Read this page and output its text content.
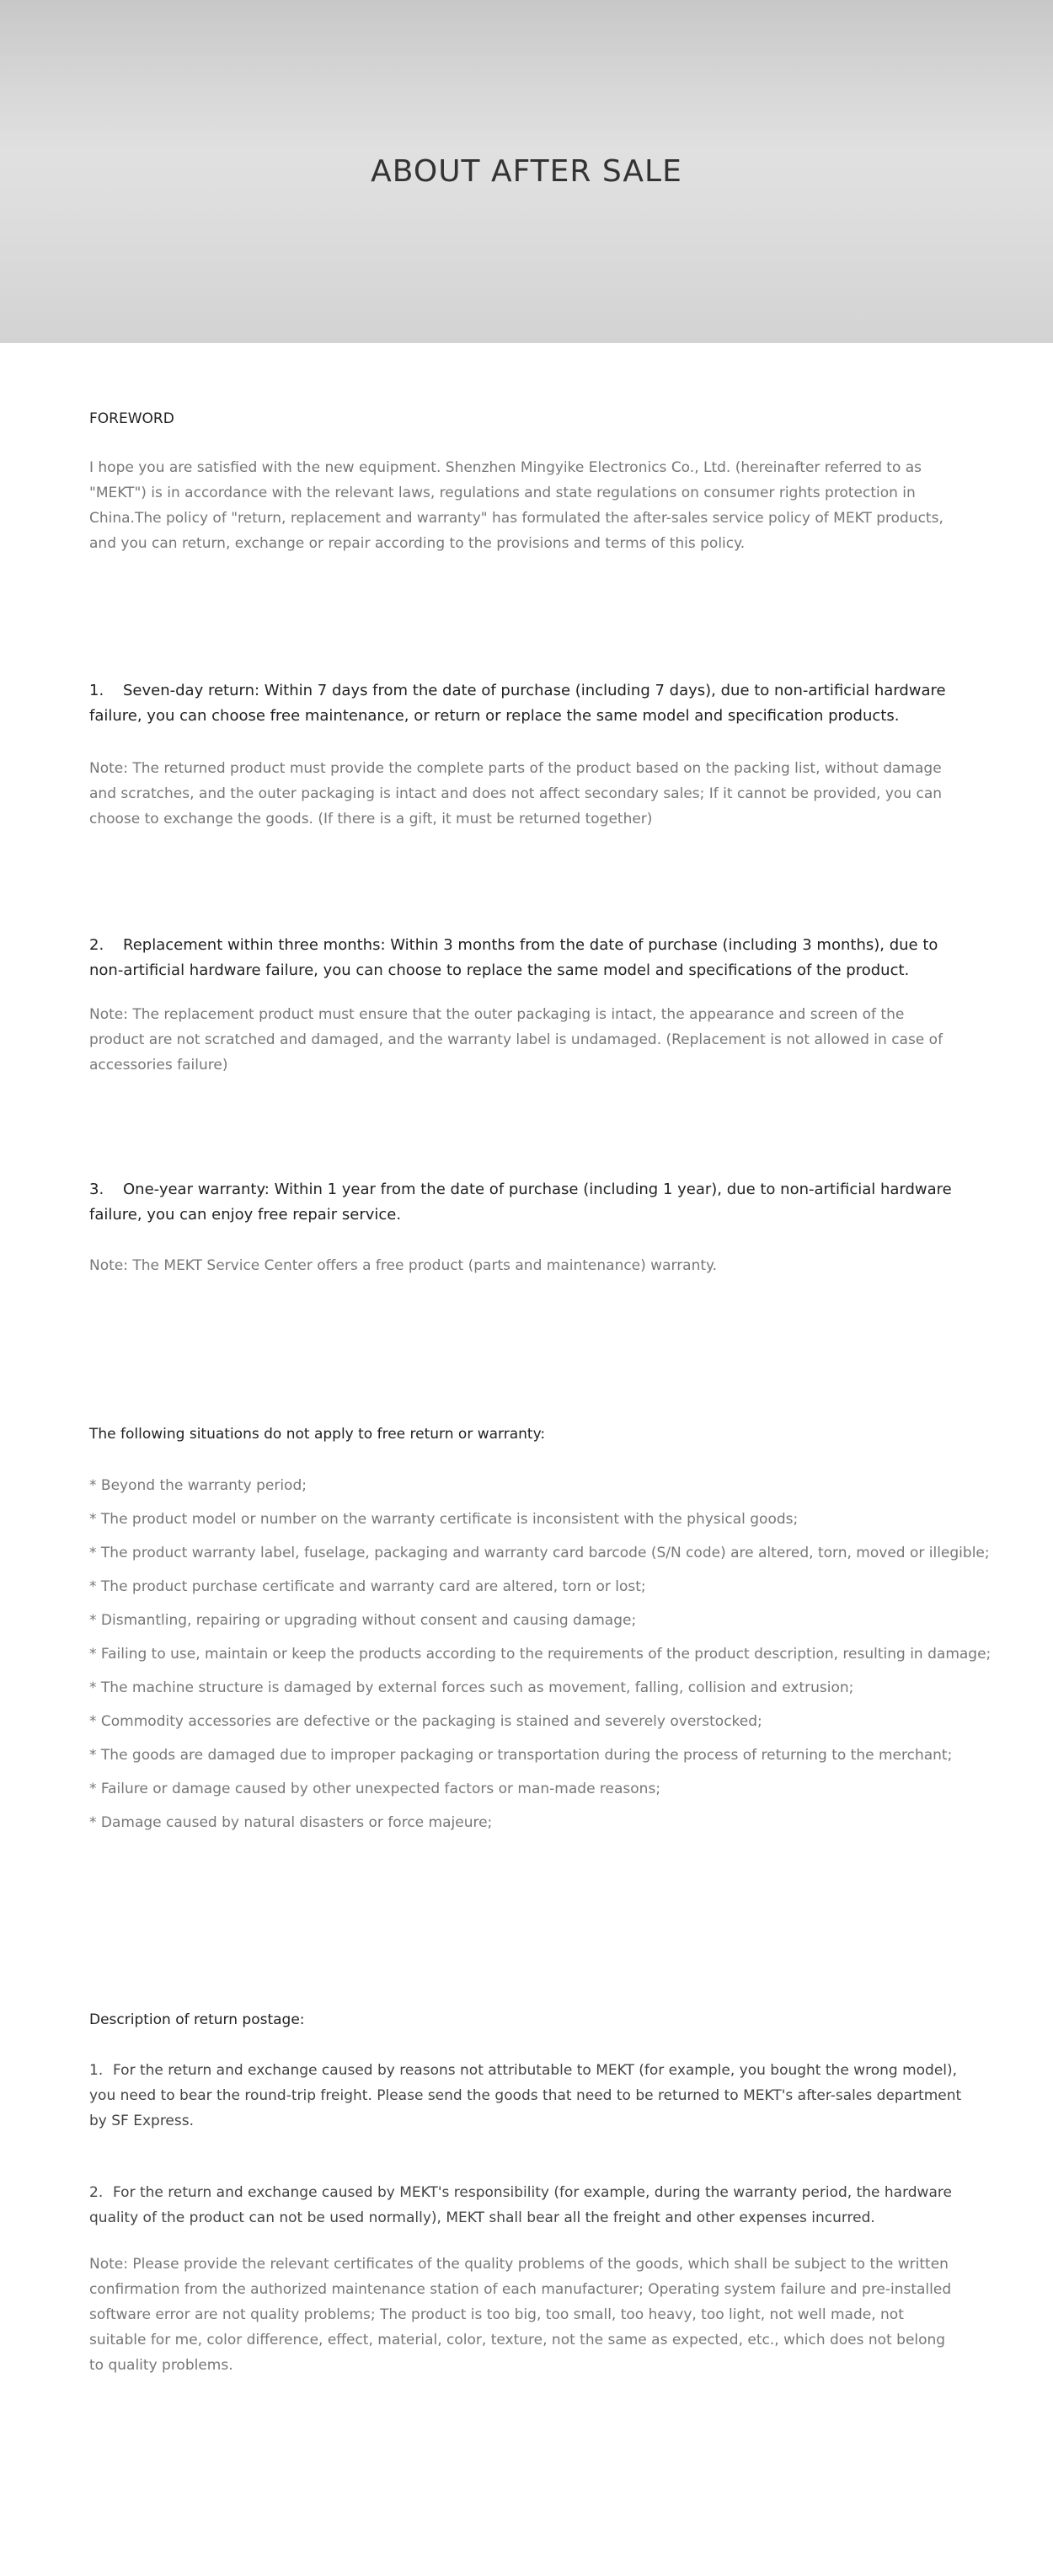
ABOUT AFTER SALE

FOREWORD

I hope you are satisfied with the new equipment. Shenzhen Mingyike Electronics Co., Ltd. (hereinafter referred to as "MEKT") is in accordance with the relevant laws, regulations and state regulations on consumer rights protection in China.The policy of "return, replacement and warranty" has formulated the after-sales service policy of MEKT products, and you can return, exchange or repair according to the provisions and terms of this policy.

1. Seven-day return: Within 7 days from the date of purchase (including 7 days), due to non-artificial hardware failure, you can choose free maintenance, or return or replace the same model and specification products.

Note: The returned product must provide the complete parts of the product based on the packing list, without damage and scratches, and the outer packaging is intact and does not affect secondary sales; If it cannot be provided, you can choose to exchange the goods. (If there is a gift, it must be returned together)

2. Replacement within three months: Within 3 months from the date of purchase (including 3 months), due to non-artificial hardware failure, you can choose to replace the same model and specifications of the product.

Note: The replacement product must ensure that the outer packaging is intact, the appearance and screen of the product are not scratched and damaged, and the warranty label is undamaged. (Replacement is not allowed in case of accessories failure)

3. One-year warranty: Within 1 year from the date of purchase (including 1 year), due to non-artificial hardware failure, you can enjoy free repair service.

Note: The MEKT Service Center offers a free product (parts and maintenance) warranty.

The following situations do not apply to free return or warranty:

* Beyond the warranty period;

* The product model or number on the warranty certificate is inconsistent with the physical goods;

* The product warranty label, fuselage, packaging and warranty card barcode (S/N code) are altered, torn, moved or illegible;

* The product purchase certificate and warranty card are altered, torn or lost;

* Dismantling, repairing or upgrading without consent and causing damage;

* Failing to use, maintain or keep the products according to the requirements of the product description, resulting in damage;

* The machine structure is damaged by external forces such as movement, falling, collision and extrusion;

* Commodity accessories are defective or the packaging is stained and severely overstocked;

* The goods are damaged due to improper packaging or transportation during the process of returning to the merchant;

* Failure or damage caused by other unexpected factors or man-made reasons;

* Damage caused by natural disasters or force majeure;

Description of return postage:

1. For the return and exchange caused by reasons not attributable to MEKT (for example, you bought the wrong model), you need to bear the round-trip freight. Please send the goods that need to be returned to MEKT's after-sales department by SF Express.

2. For the return and exchange caused by MEKT's responsibility (for example, during the warranty period, the hardware quality of the product can not be used normally), MEKT shall bear all the freight and other expenses incurred.

Note: Please provide the relevant certificates of the quality problems of the goods, which shall be subject to the written confirmation from the authorized maintenance station of each manufacturer; Operating system failure and pre-installed software error are not quality problems; The product is too big, too small, too heavy, too light, not well made, not suitable for me, color difference, effect, material, color, texture, not the same as expected, etc., which does not belong to quality problems.
